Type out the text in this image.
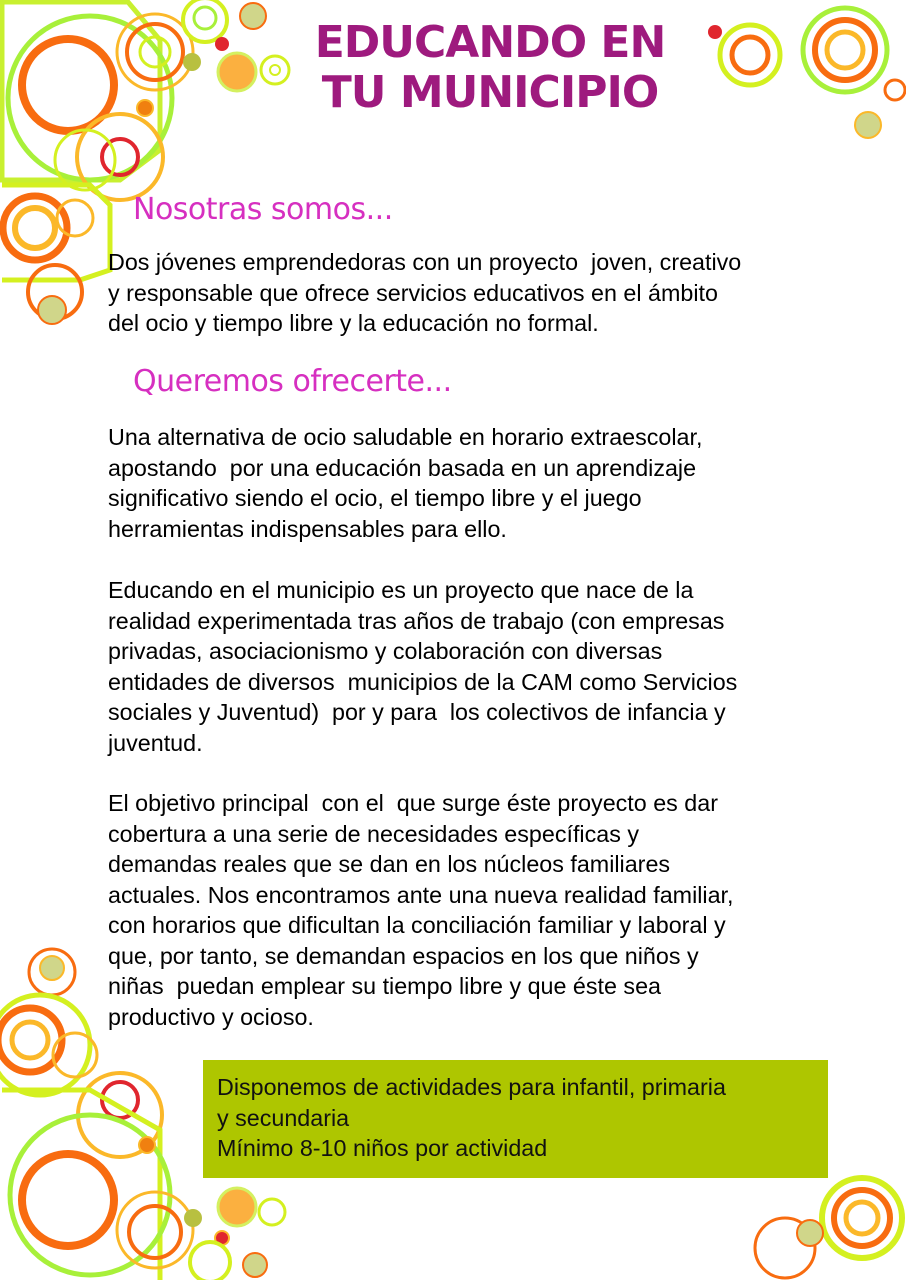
EDUCANDO EN
TU MUNICIPIO
Nosotras somos...
Dos jóvenes emprendedoras con un proyecto  joven, creativo
y responsable que ofrece servicios educativos en el ámbito
del ocio y tiempo libre y la educación no formal.
Queremos ofrecerte...
Una alternativa de ocio saludable en horario extraescolar,
apostando  por una educación basada en un aprendizaje
significativo siendo el ocio, el tiempo libre y el juego
herramientas indispensables para ello.
Educando en el municipio es un proyecto que nace de la
realidad experimentada tras años de trabajo (con empresas
privadas, asociacionismo y colaboración con diversas
entidades de diversos  municipios de la CAM como Servicios
sociales y Juventud)  por y para  los colectivos de infancia y
juventud.
El objetivo principal  con el  que surge éste proyecto es dar
cobertura a una serie de necesidades específicas y
demandas reales que se dan en los núcleos familiares
actuales. Nos encontramos ante una nueva realidad familiar,
con horarios que dificultan la conciliación familiar y laboral y
que, por tanto, se demandan espacios en los que niños y
niñas  puedan emplear su tiempo libre y que éste sea
productivo y ocioso.
Disponemos de actividades para infantil, primaria
y secundaria
Mínimo 8-10 niños por actividad
